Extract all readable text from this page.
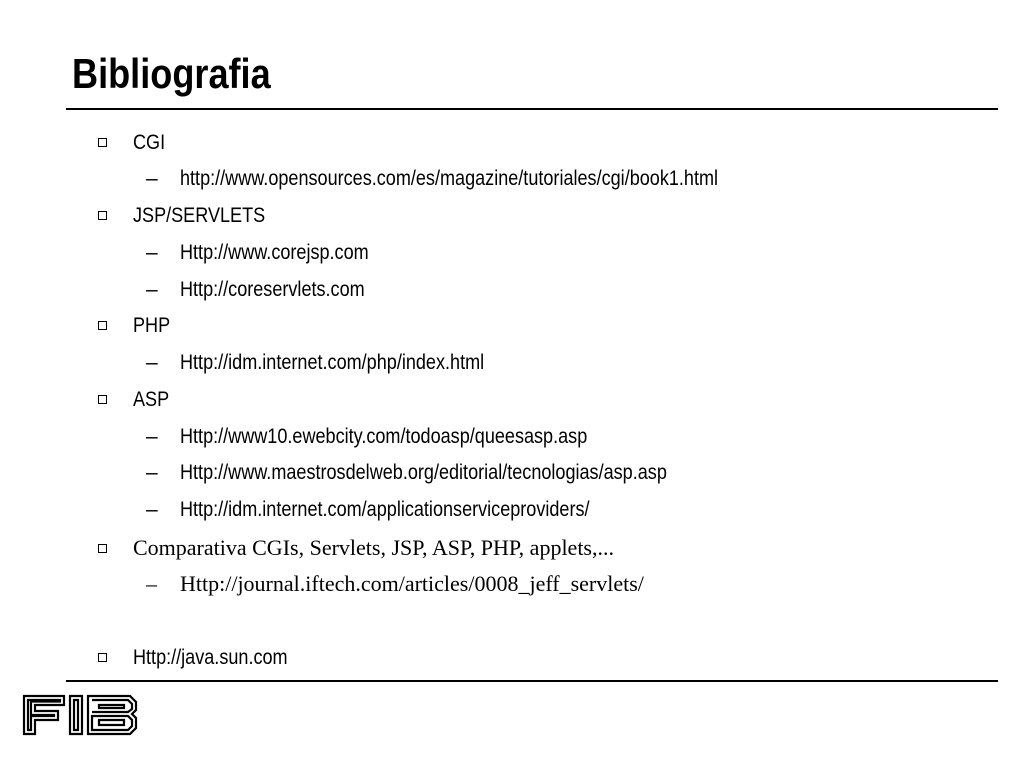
Bibliografia
CGI
– http://www.opensources.com/es/magazine/tutoriales/cgi/book1.html
JSP/SERVLETS
– Http://www.corejsp.com
– Http://coreservlets.com
PHP
– Http://idm.internet.com/php/index.html
ASP
– Http://www10.ewebcity.com/todoasp/queesasp.asp
– Http://www.maestrosdelweb.org/editorial/tecnologias/asp.asp
– Http://idm.internet.com/applicationserviceproviders/
Comparativa CGIs, Servlets, JSP, ASP, PHP, applets,...
– Http://journal.iftech.com/articles/0008_jeff_servlets/
Http://java.sun.com
